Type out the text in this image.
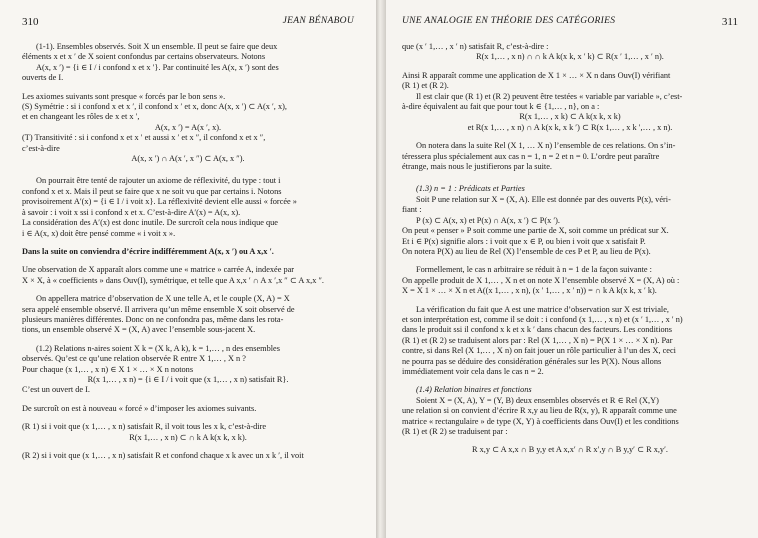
310	JEAN BÉNABOU

(1-1). Ensembles observés. Soit X un ensemble. Il peut se faire que deux

éléments x et x ′ de X soient confondus par certains observateurs. Notons

A(x, x ′) = {i ∈ I / i confond x et x ′}. Par continuité les A(x, x ′) sont des

ouverts de I.

Les axiomes suivants sont presque « forcés par le bon sens ».

(S) Symétrie : si i confond x et x ′, il confond x ′ et x, donc A(x, x ′) ⊂ A(x ′, x),

et en changeant les rôles de x et x ′,

A(x, x ′) = A(x ′, x).

(T) Transitivité : si i confond x et x ′ et aussi x ′ et x ″, il confond x et x ″,

c’est-à-dire

A(x, x ′) ∩ A(x ′, x ″) ⊂ A(x, x ″).

On pourrait être tenté de rajouter un axiome de réflexivité, du type : tout i

confond x et x. Mais il peut se faire que x ne soit vu que par certains i. Notons

provisoirement A′(x) = {i ∈ I / i voit x}. La réflexivité devient elle aussi « forcée »

à savoir : i voit x ssi i confond x et x. C’est-à-dire A′(x) = A(x, x).

La considération des A′(x) est donc inutile. De surcroît cela nous indique que

i ∈ A(x, x) doit être pensé comme « i voit x ».

Dans la suite on conviendra d’écrire indifféremment A(x, x ′) ou A x,x ′.

Une observation de X apparaît alors comme une « matrice » carrée A, indexée par

X × X, à « coefficients » dans Ouv(I), symétrique, et telle que A x,x ′ ∩ A x ′,x ″ ⊂ A x,x ″.

On appellera matrice d’observation de X une telle A, et le couple (X, A) = X

sera appelé ensemble observé. Il arrivera qu’un même ensemble X soit observé de

plusieurs manières différentes. Donc on ne confondra pas, même dans les rota-

tions, un ensemble observé X = (X, A) avec l’ensemble sous-jacent X.

(1.2) Relations n-aires soient X k = (X k, A k), k = 1,… , n des ensembles

observés. Qu’est ce qu’une relation observée R entre X 1,… , X n ?

Pour chaque (x 1,… , x n) ∈ X 1 × … × X n notons

R(x 1,… , x n) = {i ∈ I / i voit que (x 1,… , x n) satisfait R}.

C’est un ouvert de I.

De surcroît on est à nouveau « forcé » d’imposer les axiomes suivants.

(R 1) si i voit que (x 1,… , x n) satisfait R, il voit tous les x k, c’est-à-dire

R(x 1,… , x n) ⊂ ∩ k A k(x k, x k).

(R 2) si i voit que (x 1,… , x n) satisfait R et confond chaque x k avec un x k ′, il voit

UNE ANALOGIE EN THÉORIE DES CATÉGORIES	311

que (x ′ 1,… , x ′ n) satisfait R, c’est-à-dire :

R(x 1,… , x n) ∩ ∩ k A k(x k, x ′ k) ⊂ R(x ′ 1,… , x ′ n).

Ainsi R apparaît comme une application de X 1 × … × X n dans Ouv(I) vérifiant

(R 1) et (R 2).

Il est clair que (R 1) et (R 2) peuvent être testées « variable par variable », c’est-

à-dire équivalent au fait que pour tout k ∈ {1,… , n}, on a :

R(x 1,… , x k) ⊂ A k(x k, x k)

et R(x 1,… , x n) ∩ A k(x k, x k ′) ⊂ R(x 1,… , x k ′,… , x n).

On notera dans la suite Rel (X 1, … X n) l’ensemble de ces relations. On s’in-

téressera plus spécialement aux cas n = 1, n = 2 et n = 0. L’ordre peut paraître

étrange, mais nous le justifierons par la suite.

(1.3) n = 1 : Prédicats et Parties

Soit P une relation sur X = (X, A). Elle est donnée par des ouverts P(x), véri-

fiant :

P (x) ⊂ A(x, x) et P(x) ∩ A(x, x ′) ⊂ P(x ′).

On peut « penser » P soit comme une partie de X, soit comme un prédicat sur X.

Et i ∈ P(x) signifie alors : i voit que x ∈ P, ou bien i voit que x satisfait P.

On notera P(X) au lieu de Rel (X) l’ensemble de ces P et P, au lieu de P(x).

Formellement, le cas n arbitraire se réduit à n = 1 de la façon suivante :

On appelle produit de X 1,… , X n et on note X l’ensemble observé X = (X, A) où :

X = X 1 × … × X n et A((x 1,… , x n), (x ′ 1,… , x ′ n)) = ∩ k A k(x k, x ′ k).

La vérification du fait que A est une matrice d’observation sur X est triviale,

et son interprétation est, comme il se doit : i confond (x 1,… , x n) et (x ′ 1,… , x ′ n)

dans le produit ssi il confond x k et x k ′ dans chacun des facteurs. Les conditions

(R 1) et (R 2) se traduisent alors par : Rel (X 1,… , X n) = P(X 1 × … × X n). Par

contre, si dans Rel (X 1,… , X n) on fait jouer un rôle particulier à l’un des X, ceci

ne pourra pas se déduire des considération générales sur les P(X). Nous allons

immédiatement voir cela dans le cas n = 2.

(1.4) Relation binaires et fonctions

Soient X = (X, A), Y = (Y, B) deux ensembles observés et R ∈ Rel (X,Y)

une relation si on convient d’écrire R x,y au lieu de R(x, y), R apparaît comme une

matrice « rectangulaire » de type (X, Y) à coefficients dans Ouv(I) et les conditions

(R 1) et (R 2) se traduisent par :

R x,y ⊂ A x,x ∩ B y,y et A x,x′ ∩ R x′,y ∩ B y,y′ ⊂ R x,y′.
